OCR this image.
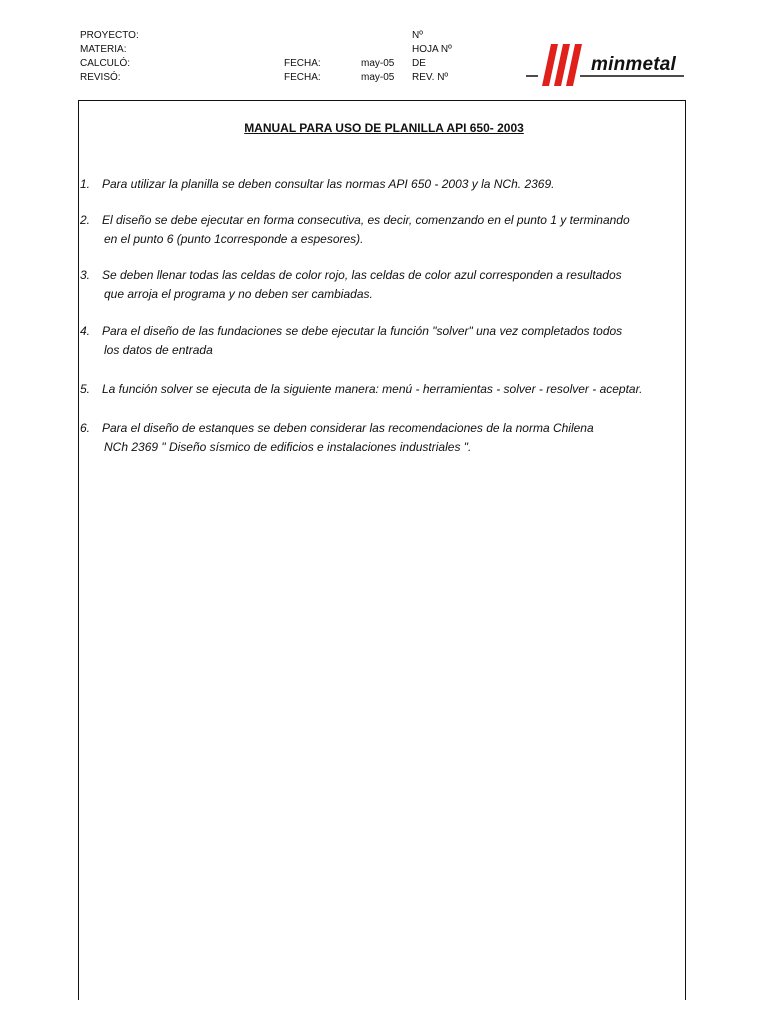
PROYECTO:
MATERIA:
CALCULÓ:
REVISÓ:
FECHA:	may-05
FECHA:	may-05
Nº
HOJA Nº
DE
REV. Nº
minmetal
MANUAL PARA USO DE PLANILLA API 650- 2003
1. Para utilizar la planilla se deben consultar las normas API 650 - 2003 y la NCh. 2369.
2. El diseño se debe ejecutar en forma consecutiva, es decir, comenzando en el punto 1 y terminando
en el punto 6 (punto 1corresponde a espesores).
3. Se deben llenar todas las celdas de color rojo, las celdas de color azul corresponden a resultados
que arroja el programa y no deben ser cambiadas.
4. Para el diseño de las fundaciones se debe ejecutar la función "solver" una vez completados todos
los datos de entrada
5. La función solver se ejecuta de la siguiente manera: menú - herramientas - solver - resolver - aceptar.
6. Para el diseño de estanques se deben considerar las recomendaciones de la norma Chilena
NCh 2369 " Diseño sísmico de edificios e instalaciones industriales ".
